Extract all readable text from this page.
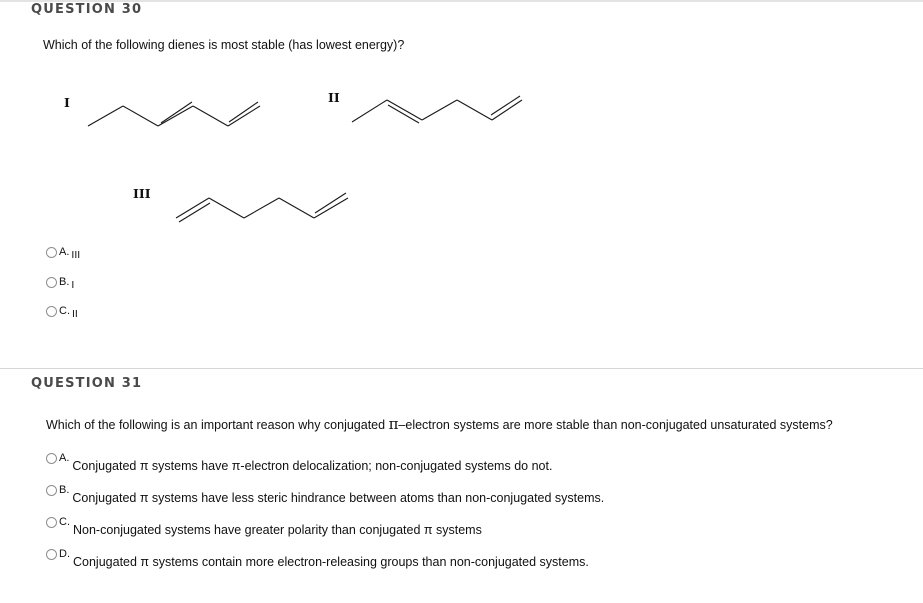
QUESTION 30
Which of the following dienes is most stable (has lowest energy)?
I	II
III
A. III
B. I
C. II
QUESTION 31
Which of the following is an important reason why conjugated π–electron systems are more stable than non-conjugated unsaturated systems?
A.
Conjugated π systems have π-electron delocalization; non-conjugated systems do not.
B.
Conjugated π systems have less steric hindrance between atoms than non-conjugated systems.
C.
Non-conjugated systems have greater polarity than conjugated π systems
D.
Conjugated π systems contain more electron-releasing groups than non-conjugated systems.
